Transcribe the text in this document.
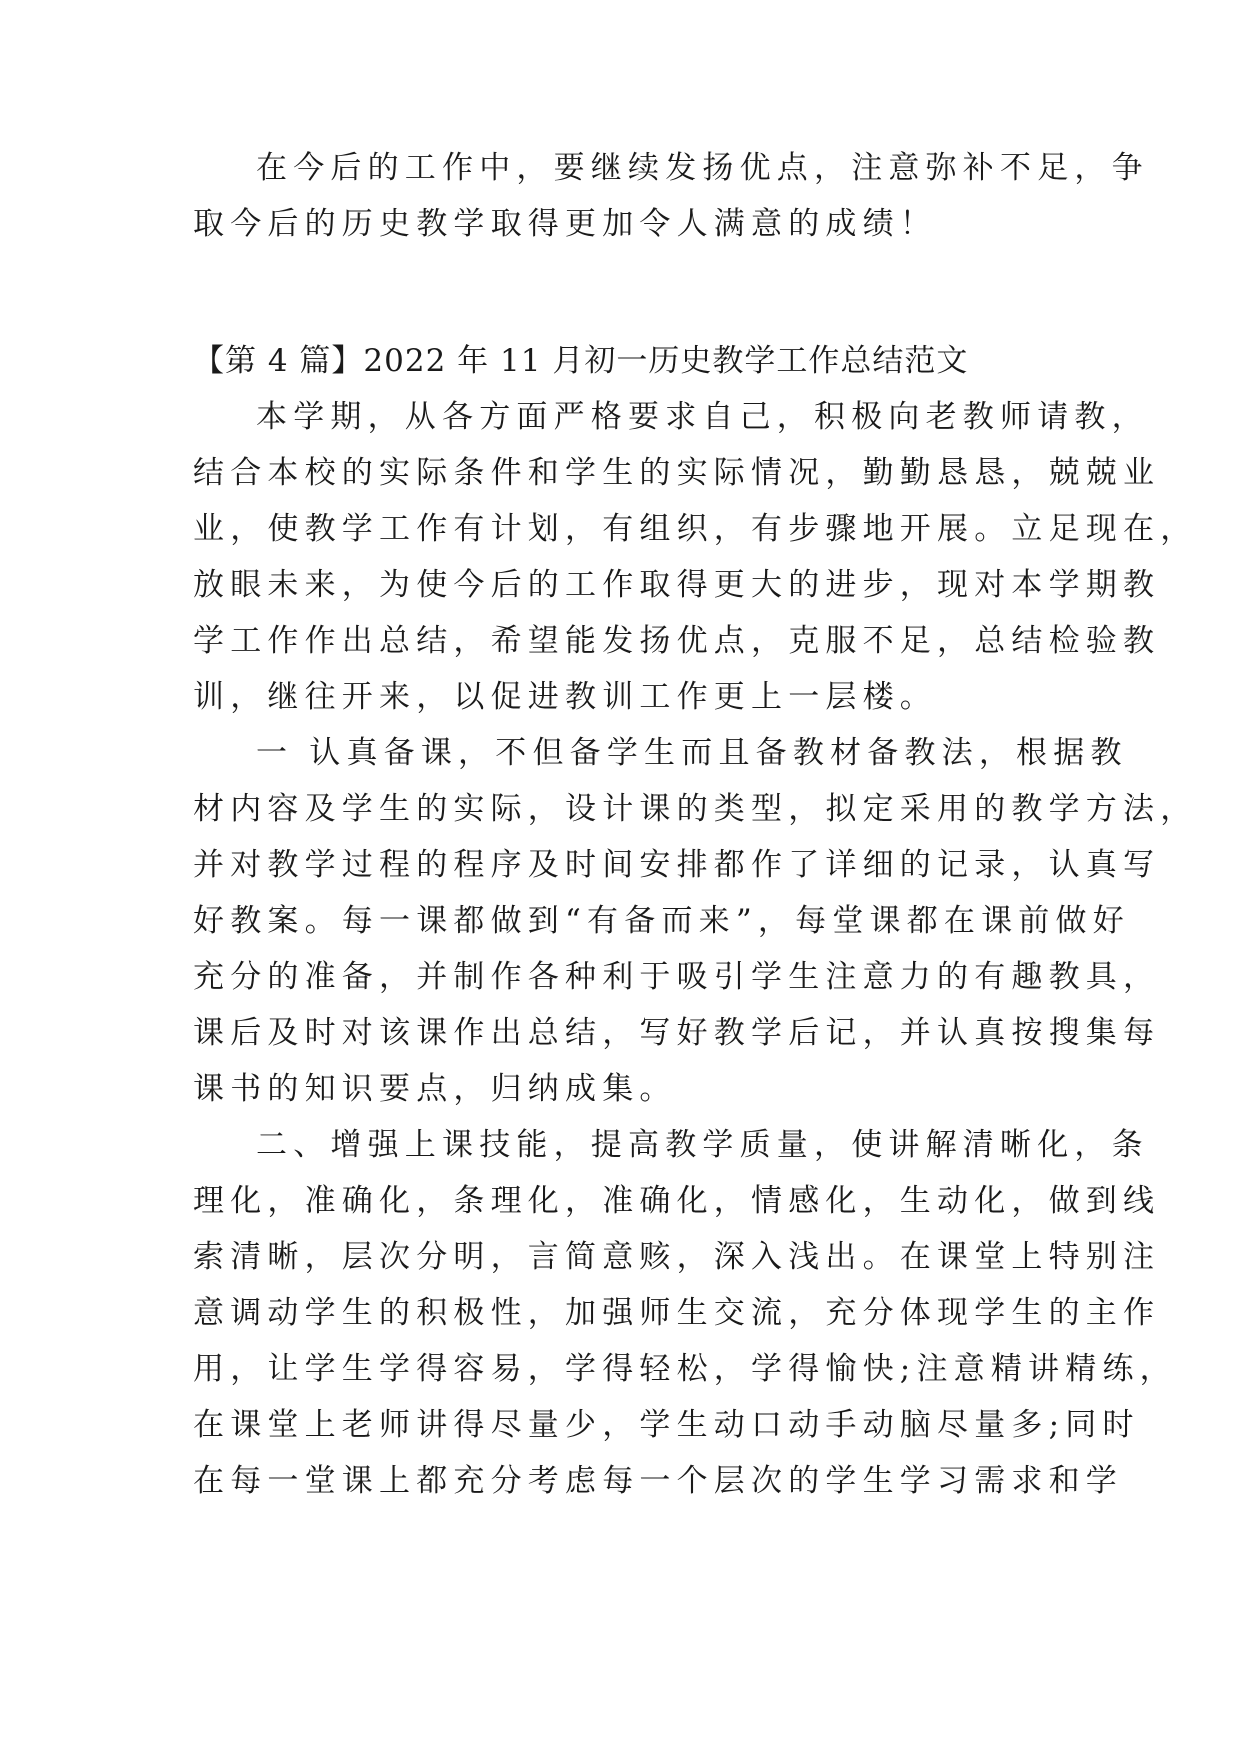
在今后的工作中，要继续发扬优点，注意弥补不足，争
取今后的历史教学取得更加令人满意的成绩！
【第 4 篇】2022 年 11 月初一历史教学工作总结范文
本学期，从各方面严格要求自己，积极向老教师请教，
结合本校的实际条件和学生的实际情况，勤勤恳恳，兢兢业
业，使教学工作有计划，有组织，有步骤地开展。立足现在，
放眼未来，为使今后的工作取得更大的进步，现对本学期教
学工作作出总结，希望能发扬优点，克服不足，总结检验教
训，继往开来，以促进教训工作更上一层楼。
一 认真备课，不但备学生而且备教材备教法，根据教
材内容及学生的实际，设计课的类型，拟定采用的教学方法，
并对教学过程的程序及时间安排都作了详细的记录，认真写
好教案。每一课都做到“有备而来”，每堂课都在课前做好
充分的准备，并制作各种利于吸引学生注意力的有趣教具，
课后及时对该课作出总结，写好教学后记，并认真按搜集每
课书的知识要点，归纳成集。
二、增强上课技能，提高教学质量，使讲解清晰化，条
理化，准确化，条理化，准确化，情感化，生动化，做到线
索清晰，层次分明，言简意赅，深入浅出。在课堂上特别注
意调动学生的积极性，加强师生交流，充分体现学生的主作
用，让学生学得容易，学得轻松，学得愉快;注意精讲精练，
在课堂上老师讲得尽量少，学生动口动手动脑尽量多;同时
在每一堂课上都充分考虑每一个层次的学生学习需求和学
